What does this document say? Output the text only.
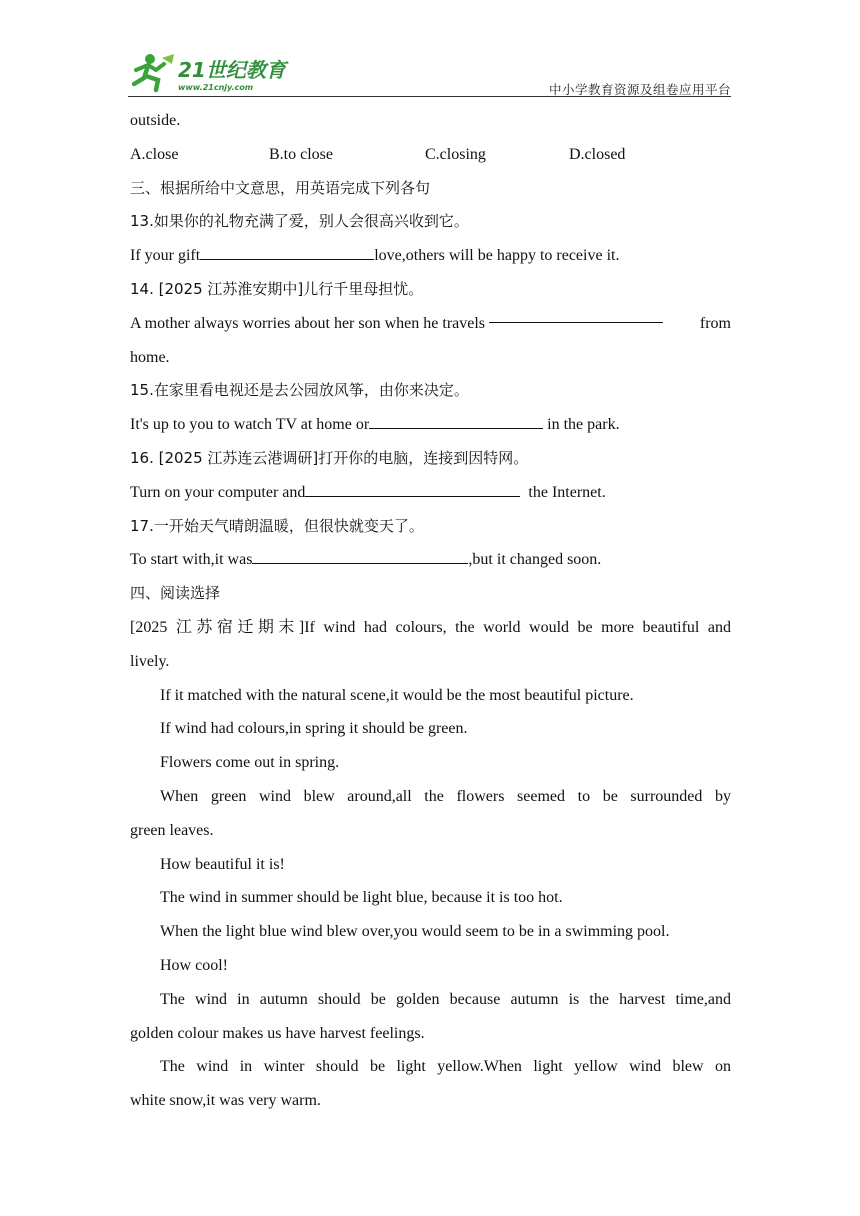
21世纪教育
www.21cnjy.com	中小学教育资源及组卷应用平台
outside.
A.close	B.to close	C.closing	D.closed
三、根据所给中文意思，用英语完成下列各句
13.如果你的礼物充满了爱，别人会很高兴收到它。
If your gift	love,others will be happy to receive it.
14. [2025 江苏淮安期中]儿行千里母担忧。
A mother always worries about her son when he travels	from
home.
15.在家里看电视还是去公园放风筝，由你来决定。
It's up to you to watch TV at home or	in the park.
16. [2025 江苏连云港调研]打开你的电脑，连接到因特网。
Turn on your computer and	the Internet.
17.一开始天气晴朗温暖，但很快就变天了。
To start with,it was	,but it changed soon.
四、阅读选择
[2025 江苏宿迁期末]If wind had colours, the world would be more beautiful and
lively.
If it matched with the natural scene,it would be the most beautiful picture.
If wind had colours,in spring it should be green.
Flowers come out in spring.
When green wind blew around,all the flowers seemed to be surrounded by
green leaves.
How beautiful it is!
The wind in summer should be light blue, because it is too hot.
When the light blue wind blew over,you would seem to be in a swimming pool.
How cool!
The wind in autumn should be golden because autumn is the harvest time,and
golden colour makes us have harvest feelings.
The wind in winter should be light yellow.When light yellow wind blew on
white snow,it was very warm.
